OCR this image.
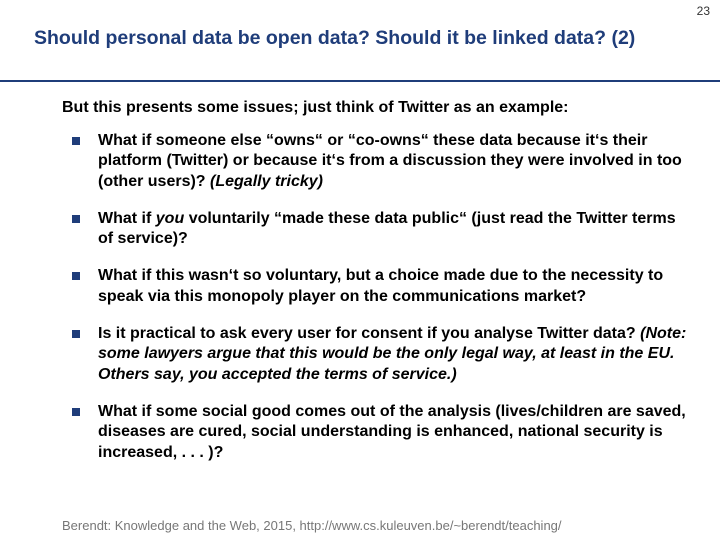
23
Should personal data be open data? Should it be linked data? (2)

But this presents some issues; just think of Twitter as an example:

What if someone else “owns“ or “co-owns“ these data because it‘s their platform (Twitter) or because it‘s from a discussion they were involved in too (other users)? (Legally tricky)
What if you voluntarily “made these data public“ (just read the Twitter terms of service)?
What if this wasn‘t so voluntary, but a choice made due to the necessity to speak via this monopoly player on the communications market?
Is it practical to ask every user for consent if you analyse Twitter data? (Note: some lawyers argue that this would be the only legal way, at least in the EU. Others say, you accepted the terms of service.)
What if some social good comes out of the analysis (lives/children are saved, diseases are cured, social understanding is enhanced, national security is increased, . . . )?
Berendt: Knowledge and the Web, 2015, http://www.cs.kuleuven.be/~berendt/teaching/
